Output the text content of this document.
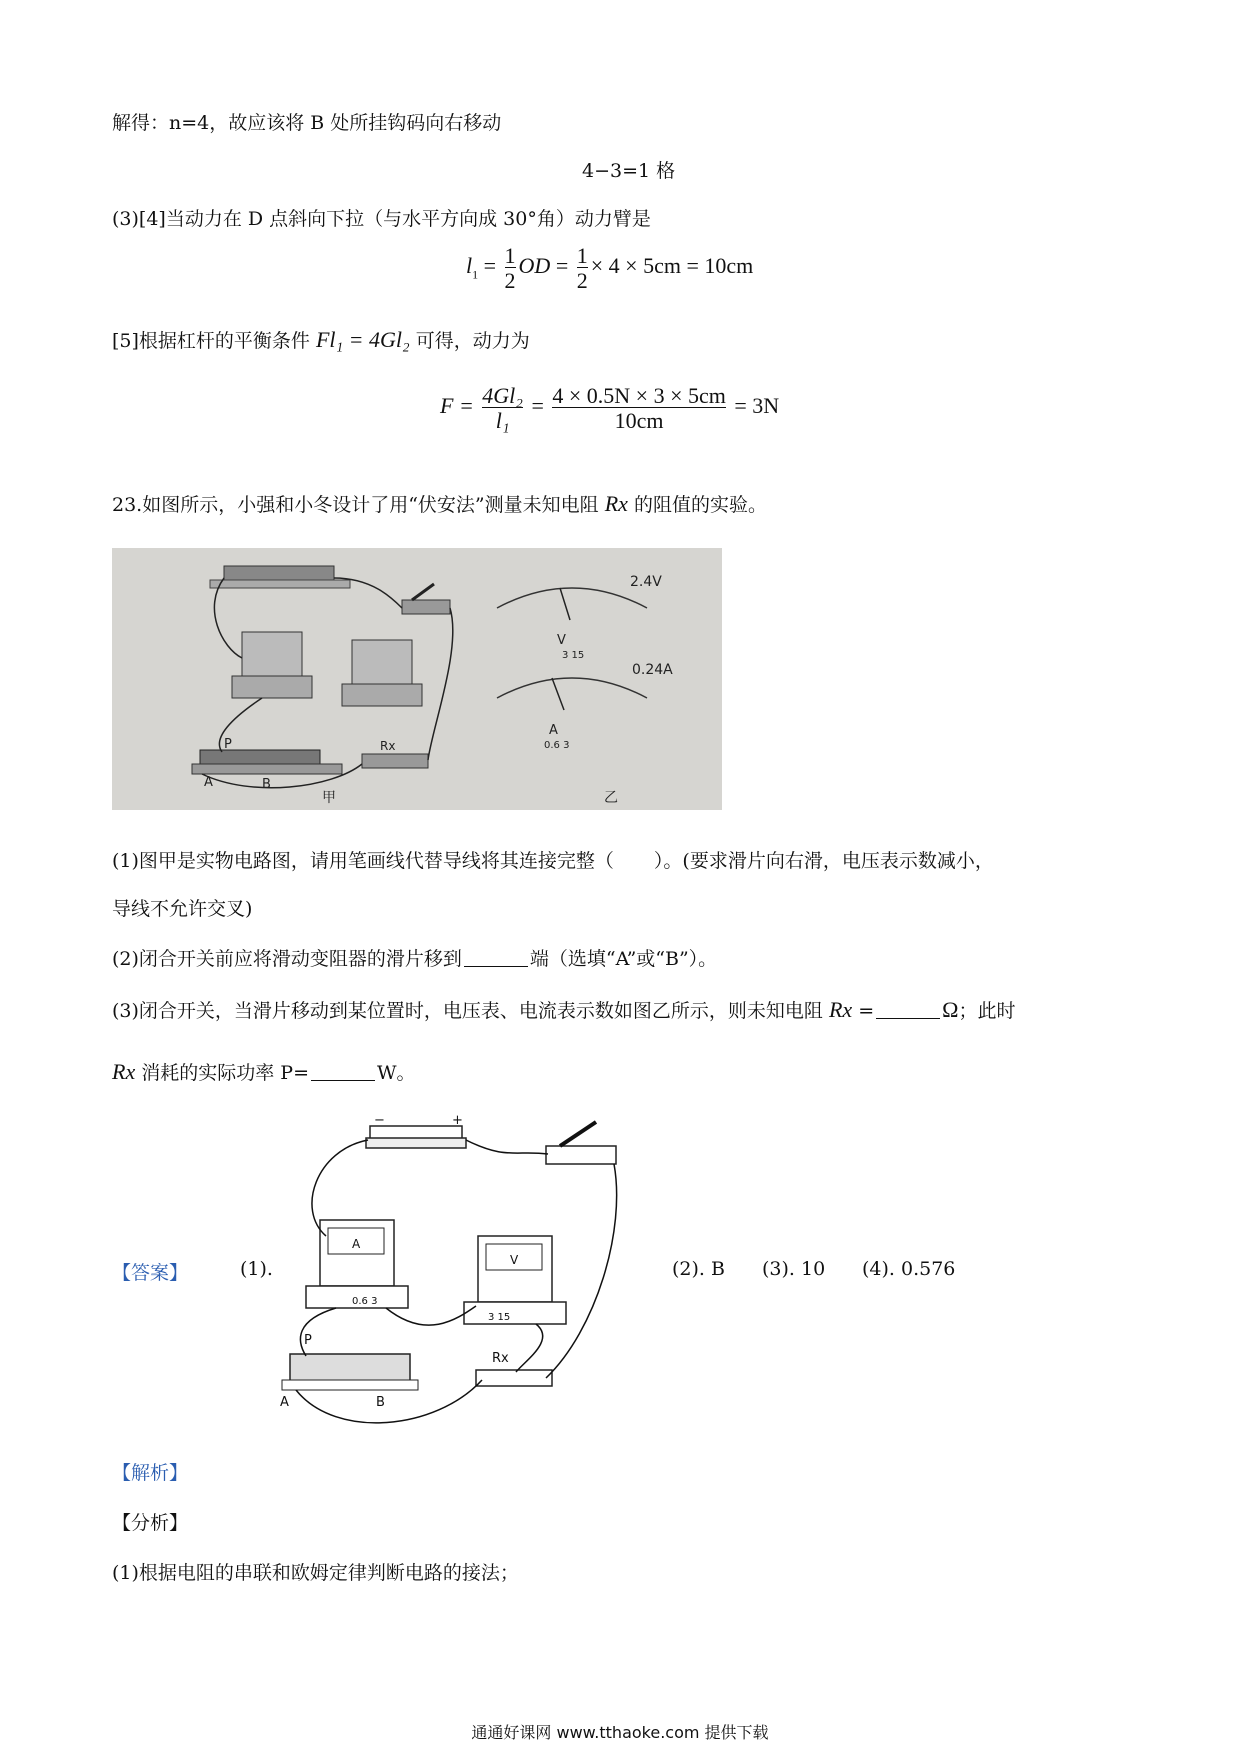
解得：n=4，故应该将 B 处所挂钩码向右移动
4−3=1 格
(3)[4]当动力在 D 点斜向下拉（与水平方向成 30°角）动力臂是
$l_1 = \frac{1}{2}$ OD = $\frac{1}{2} \times 4 \times 5cm = 10cm$
[5]根据杠杆的平衡条件 Fl₁ = 4Gl₂ 可得，动力为
$F = \frac{\text{4Gl₂}}{\text{l₁}} = \frac{4 \times 0.5N \times 3 \times 5cm}{10cm} = 3N$
23.如图所示，小强和小冬设计了用“伏安法”测量未知电阻 Rx 的阻值的实验。
2.4V
0.24A
V
A
3 15
0.6 3
P
A	B
Rx
甲	乙
(1)图甲是实物电路图，请用笔画线代替导线将其连接完整（ ）。(要求滑片向右滑，电压表示数减小，
导线不允许交叉)
(2)闭合开关前应将滑动变阻器的滑片移到	端（选填“A”或“B”）。
(3)闭合开关，当滑片移动到某位置时，电压表、电流表示数如图乙所示，则未知电阻 Rx =	Ω；此时
Rx 消耗的实际功率 P=	W。
【答案】	(1).
−	+
A
0.6 3
V
3 15
P
A	B
Rx
(2). B (3). 10 (4). 0.576
【解析】
【分析】
(1)根据电阻的串联和欧姆定律判断电路的接法；
通通好课网 www.tthaoke.com 提供下载
